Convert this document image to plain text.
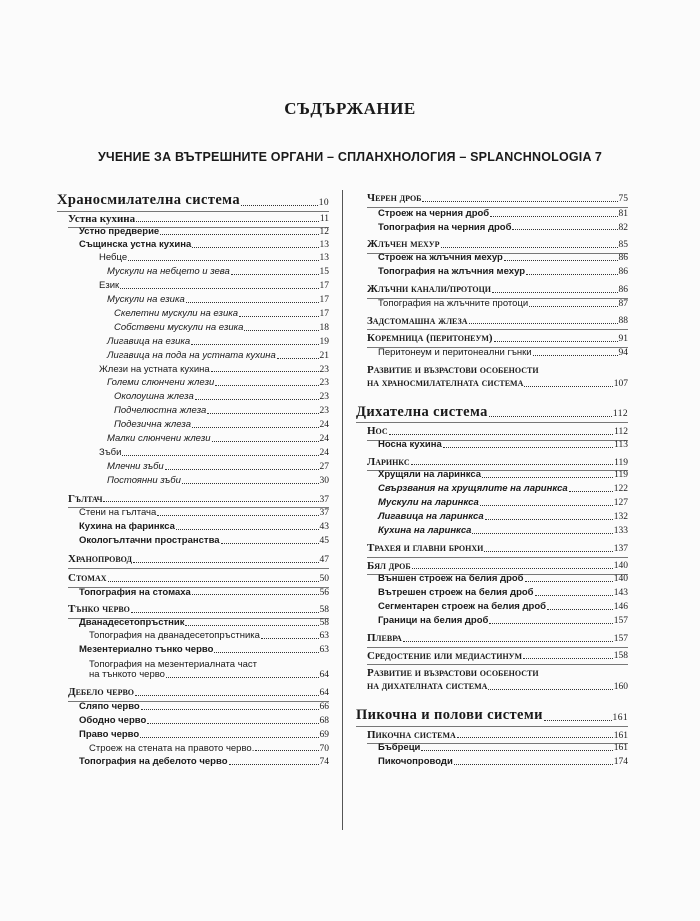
СЪДЪРЖАНИЕ
УЧЕНИЕ ЗА ВЪТРЕШНИТЕ ОРГАНИ – СПЛАНХНОЛОГИЯ – SPLANCHNOLOGIA 7
Храносмилателна система	10
Устна кухина	11
Устно предверие	12
Същинска устна кухина	13
Небце	13
Мускули на небцето и зева	15
Език	17
Мускули на езика	17
Скелетни мускули на езика	17
Собствени мускули на езика	18
Лигавица на езика	19
Лигавица на пода на устната кухина	21
Жлези на устната кухина	23
Големи слюнчени жлези	23
Околоушна жлеза	23
Подчелюстна жлеза	23
Подезична жлеза	24
Малки слюнчени жлези	24
Зъби	24
Млечни зъби	27
Постоянни зъби	30
Гълтач	37
Стени на гълтача	37
Кухина на фаринкса	43
Окологълтачни пространства	45
Хранопровод	47
Стомах	50
Топография на стомаха	56
Тънко черво	58
Дванадесетопръстник	58
Топография на дванадесетопръстника	63
Мезентериално тънко черво	63
Топография на мезентериалната част
на тънкото черво	64
Дебело черво	64
Сляпо черво	66
Ободно черво	68
Право черво	69
Строеж на стената на правото черво.	70
Топография на дебелото черво	74
Черен дроб	75
Строеж на черния дроб	81
Топография на черния дроб	82
Жлъчен мехур	85
Строеж на жлъчния мехур	86
Топография на жлъчния мехур	86
Жлъчни канали/протоци	86
Топография на жлъчните протоци	87
Задстомашна жлеза	88
Коремница (перитонеум)	91
Перитонеум и перитонеални гънки	94
Развитие и възрастови особености
на храносмилателната система	107
Дихателна система	112
Нос	112
Носна кухина	113
Ларинкс	119
Хрущяли на ларинкса	119
Свързвания на хрущялите на ларинкса	122
Мускули на ларинкса	127
Лигавица на ларинкса	132
Кухина на ларинкса	133
Трахея и главни бронхи	137
Бял дроб	140
Външен строеж на белия дроб	140
Вътрешен строеж на белия дроб	143
Сегментарен строеж на белия дроб	146
Граници на белия дроб	157
Плевра	157
Средостение или медиастинум	158
Развитие и възрастови особености
на дихателната система	160
Пикочна и полови системи	161
Пикочна система	161
Бъбреци	161
Пикочопроводи	174
